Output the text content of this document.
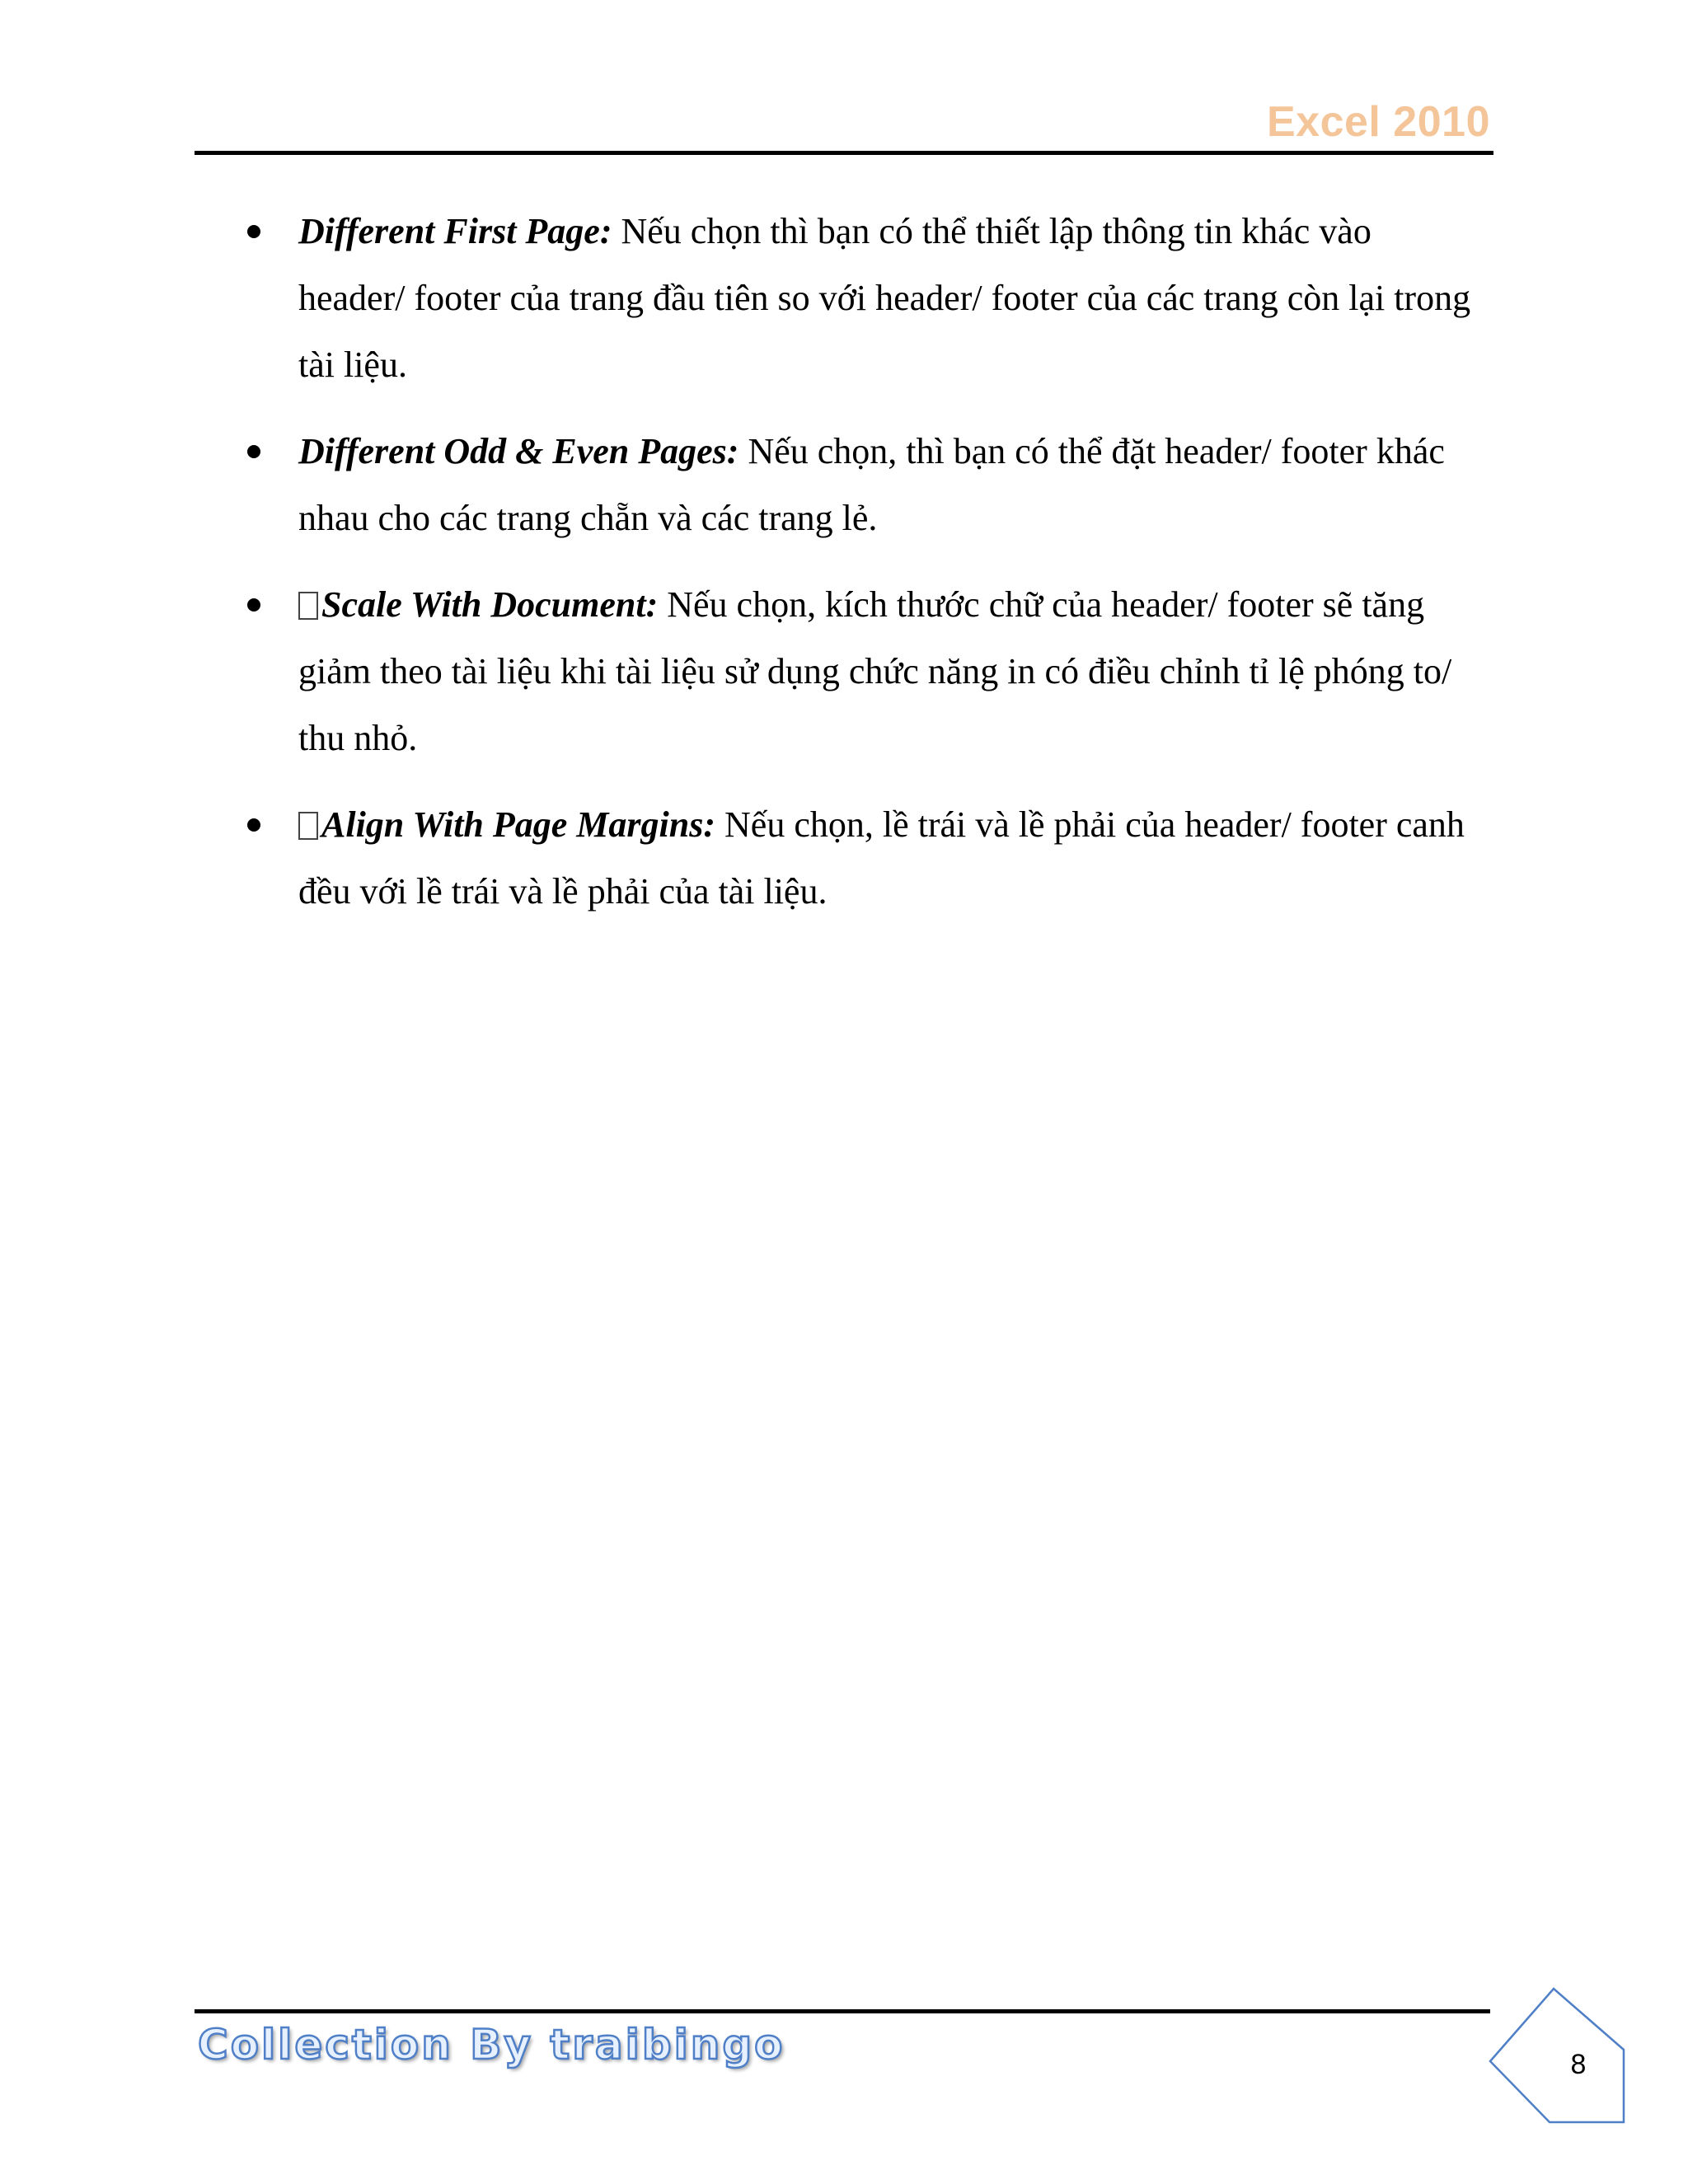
Excel 2010
Different First Page: Nếu chọn thì bạn có thể thiết lập thông tin khác vào header/ footer của trang đầu tiên so với header/ footer của các trang còn lại trong tài liệu.
Different Odd & Even Pages: Nếu chọn, thì bạn có thể đặt header/ footer khác nhau cho các trang chẵn và các trang lẻ.
Scale With Document: Nếu chọn, kích thước chữ của header/ footer sẽ tăng giảm theo tài liệu khi tài liệu sử dụng chức năng in có điều chỉnh tỉ lệ phóng to/ thu nhỏ.
Align With Page Margins: Nếu chọn, lề trái và lề phải của header/ footer canh đều với lề trái và lề phải của tài liệu.
Collection By traibingo	8
